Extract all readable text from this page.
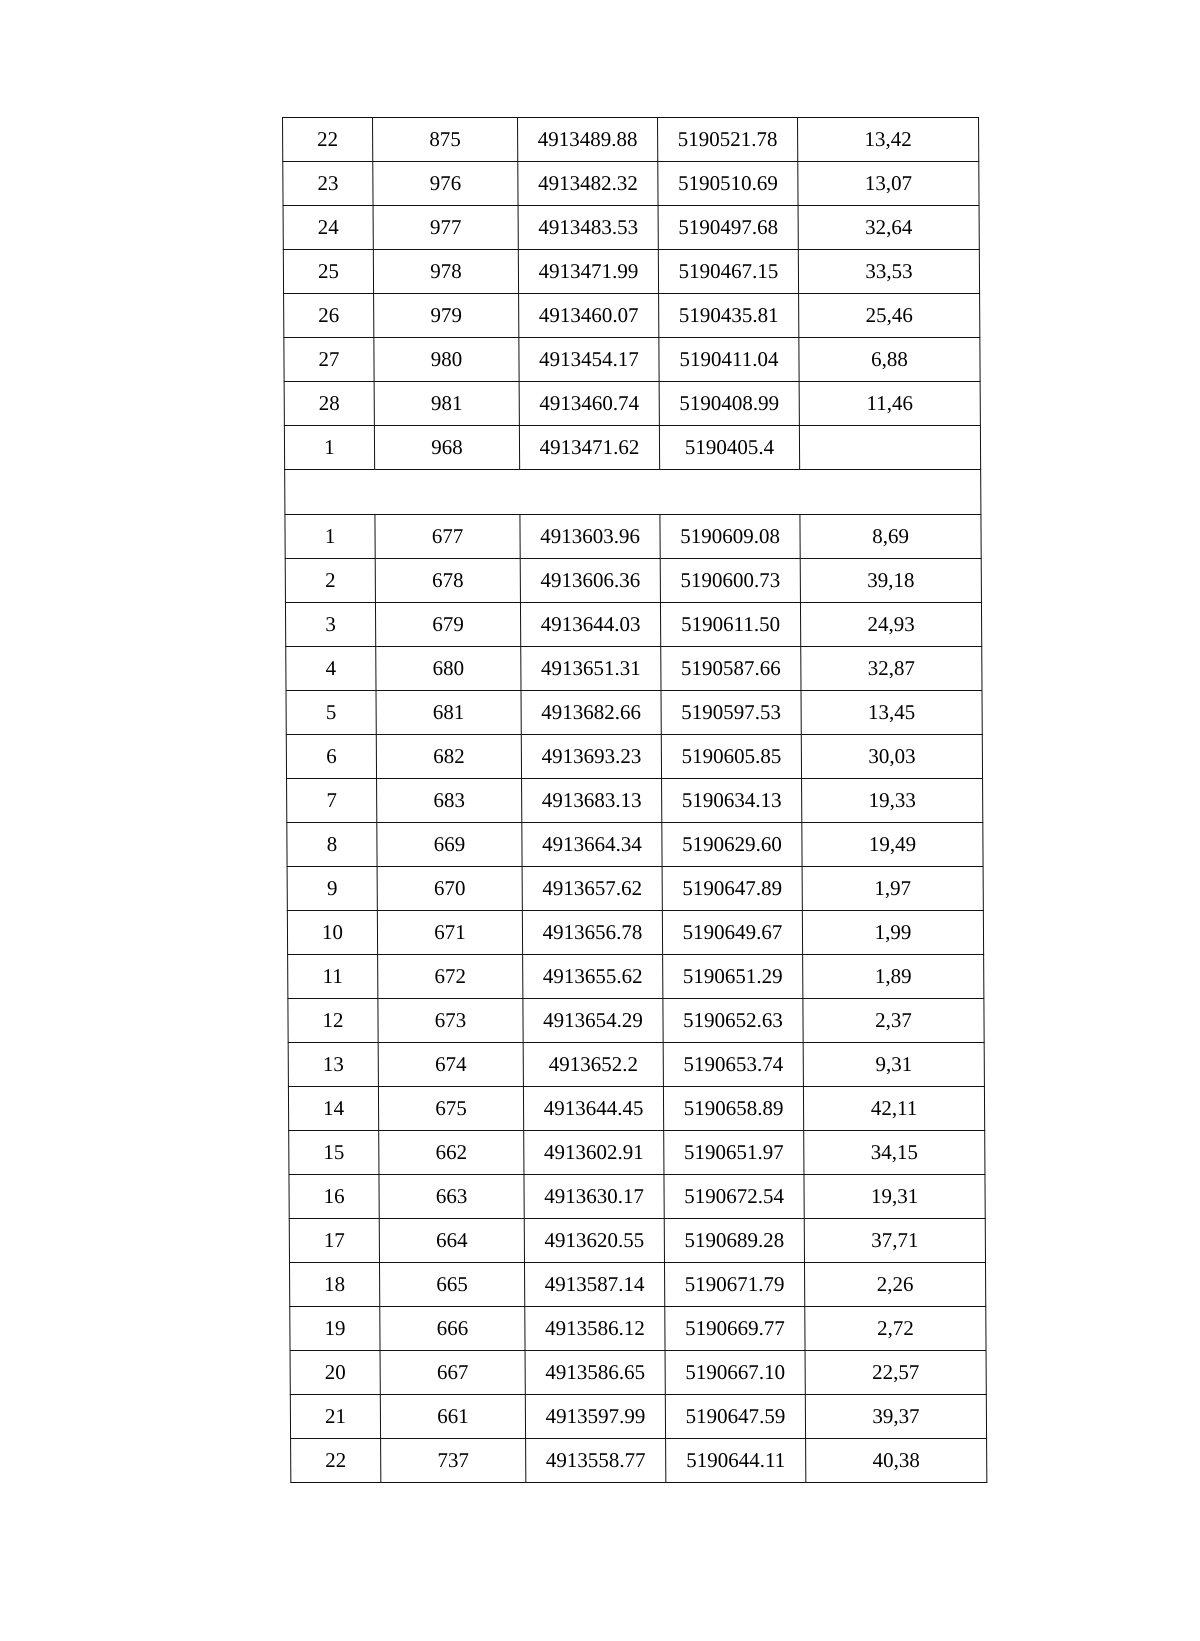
22	875	4913489.88	5190521.78	13,42
23	976	4913482.32	5190510.69	13,07
24	977	4913483.53	5190497.68	32,64
25	978	4913471.99	5190467.15	33,53
26	979	4913460.07	5190435.81	25,46
27	980	4913454.17	5190411.04	6,88
28	981	4913460.74	5190408.99	11,46
1	968	4913471.62	5190405.4	

1	677	4913603.96	5190609.08	8,69
2	678	4913606.36	5190600.73	39,18
3	679	4913644.03	5190611.50	24,93
4	680	4913651.31	5190587.66	32,87
5	681	4913682.66	5190597.53	13,45
6	682	4913693.23	5190605.85	30,03
7	683	4913683.13	5190634.13	19,33
8	669	4913664.34	5190629.60	19,49
9	670	4913657.62	5190647.89	1,97
10	671	4913656.78	5190649.67	1,99
11	672	4913655.62	5190651.29	1,89
12	673	4913654.29	5190652.63	2,37
13	674	4913652.2	5190653.74	9,31
14	675	4913644.45	5190658.89	42,11
15	662	4913602.91	5190651.97	34,15
16	663	4913630.17	5190672.54	19,31
17	664	4913620.55	5190689.28	37,71
18	665	4913587.14	5190671.79	2,26
19	666	4913586.12	5190669.77	2,72
20	667	4913586.65	5190667.10	22,57
21	661	4913597.99	5190647.59	39,37
22	737	4913558.77	5190644.11	40,38
